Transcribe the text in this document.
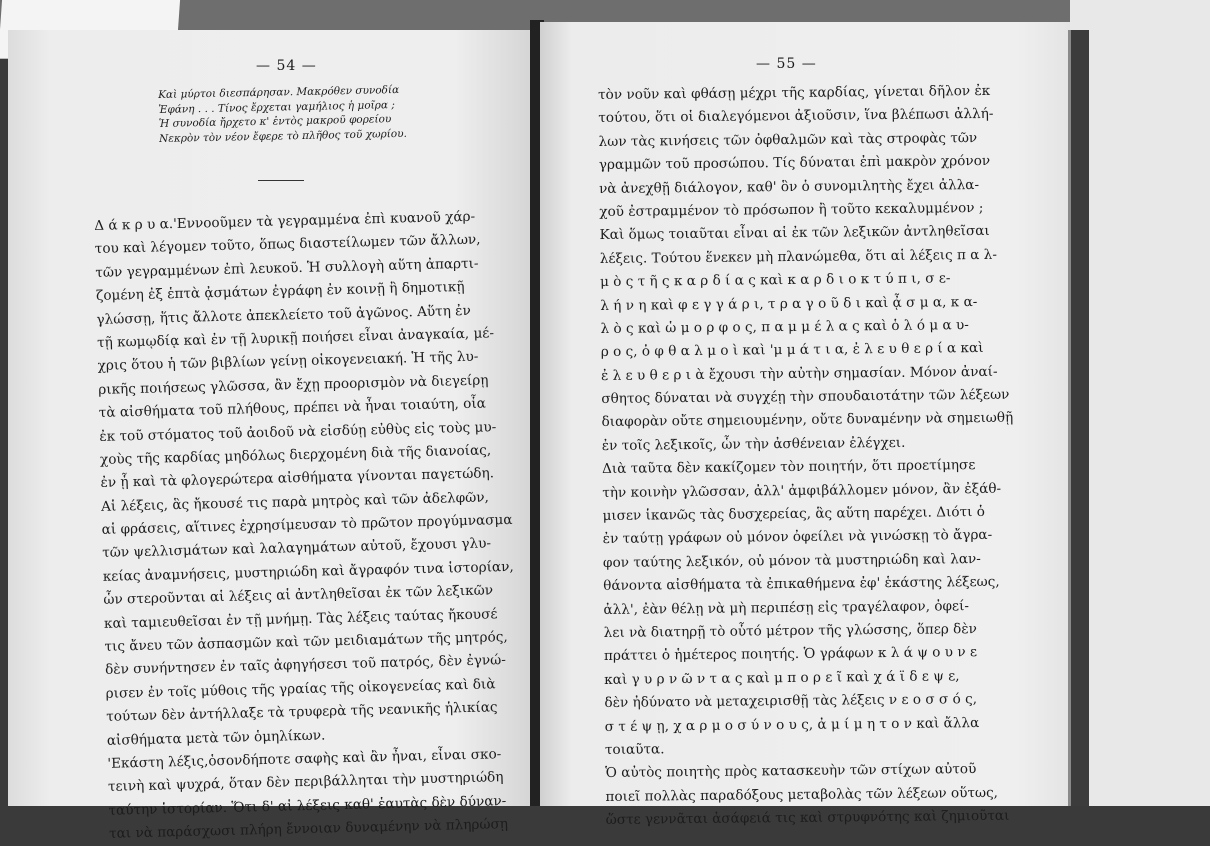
— 54 —
Καὶ μύρτοι διεσπάρησαν. Μακρόθεν συνοδία
Ἐφάνη . . . Τίνος ἔρχεται γαμήλιος ἡ μοῖρα ;
Ἡ συνοδία ἤρχετο κ' ἐντὸς μακροῦ φορείου
Νεκρὸν τὸν νέον ἔφερε τὸ πλῆθος τοῦ χωρίου.
Δ ά κ ρ υ α.'Εννοοῦμεν τὰ γεγραμμένα ἐπὶ κυανοῦ χάρ-
του καὶ λέγομεν τοῦτο, ὅπως διαστείλωμεν τῶν ἄλλων,
τῶν γεγραμμένων ἐπὶ λευκοῦ. Ἡ συλλογὴ αὕτη ἀπαρτι-
ζομένη ἐξ ἑπτὰ ᾀσμάτων ἐγράφη ἐν κοινῇ ἢ δημοτικῇ
γλώσσῃ, ἥτις ἄλλοτε ἀπεκλείετο τοῦ ἀγῶνος. Αὕτη ἐν
τῇ κωμῳδίᾳ καὶ ἐν τῇ λυρικῇ ποιήσει εἶναι ἀναγκαία, μέ-
χρις ὅτου ἡ τῶν βιβλίων γείνῃ οἰκογενειακή. Ἡ τῆς λυ-
ρικῆς ποιήσεως γλῶσσα, ἂν ἔχῃ προορισμὸν νὰ διεγείρῃ
τὰ αἰσθήματα τοῦ πλήθους, πρέπει νὰ ἦναι τοιαύτη, οἷα
ἐκ τοῦ στόματος τοῦ ἀοιδοῦ νὰ εἰσδύῃ εὐθὺς εἰς τοὺς μυ-
χοὺς τῆς καρδίας μηδόλως διερχομένη διὰ τῆς διανοίας,
ἐν ᾗ καὶ τὰ φλογερώτερα αἰσθήματα γίνονται παγετώδη.
Αἱ λέξεις, ἃς ἤκουσέ τις παρὰ μητρὸς καὶ τῶν ἀδελφῶν,
αἱ φράσεις, αἵτινες ἐχρησίμευσαν τὸ πρῶτον προγύμνασμα
τῶν ψελλισμάτων καὶ λαλαγημάτων αὐτοῦ, ἔχουσι γλυ-
κείας ἀναμνήσεις, μυστηριώδη καὶ ἄγραφόν τινα ἱστορίαν,
ὧν στεροῦνται αἱ λέξεις αἱ ἀντληθεῖσαι ἐκ τῶν λεξικῶν
καὶ ταμιευθεῖσαι ἐν τῇ μνήμῃ. Τὰς λέξεις ταύτας ἤκουσέ
τις ἄνευ τῶν ἀσπασμῶν καὶ τῶν μειδιαμάτων τῆς μητρός,
δὲν συνήντησεν ἐν ταῖς ἀφηγήσεσι τοῦ πατρός, δὲν ἐγνώ-
ρισεν ἐν τοῖς μύθοις τῆς γραίας τῆς οἰκογενείας καὶ διὰ
τούτων δὲν ἀντήλλαξε τὰ τρυφερὰ τῆς νεανικῆς ἡλικίας
αἰσθήματα μετὰ τῶν ὁμηλίκων.
'Εκάστη λέξις,ὁσονδήποτε σαφὴς καὶ ἂν ἦναι, εἶναι σκο-
τεινὴ καὶ ψυχρά, ὅταν δὲν περιβάλληται τὴν μυστηριώδη
ταύτην ἱστορίαν. Ὅτι δ' αἱ λέξεις καθ' ἑαυτὰς δὲν δύναν-
ται νὰ παράσχωσι πλήρη ἔννοιαν δυναμένην νὰ πληρώσῃ
— 55 —
τὸν νοῦν καὶ φθάσῃ μέχρι τῆς καρδίας, γίνεται δῆλον ἐκ
τούτου, ὅτι οἱ διαλεγόμενοι ἀξιοῦσιν, ἵνα βλέπωσι ἀλλή-
λων τὰς κινήσεις τῶν ὀφθαλμῶν καὶ τὰς στροφὰς τῶν
γραμμῶν τοῦ προσώπου. Τίς δύναται ἐπὶ μακρὸν χρόνον
νὰ ἀνεχθῇ διάλογον, καθ' ὃν ὁ συνομιλητὴς ἔχει ἀλλα-
χοῦ ἐστραμμένον τὸ πρόσωπον ἢ τοῦτο κεκαλυμμένον ;
Καὶ ὅμως τοιαῦται εἶναι αἱ ἐκ τῶν λεξικῶν ἀντληθεῖσαι
λέξεις. Τούτου ἕνεκεν μὴ πλανώμεθα, ὅτι αἱ λέξεις π α λ-
μ ὸ ς τ ῆ ς κ α ρ δ ί α ς καὶ κ α ρ δ ι ο κ τ ύ π ι, σ ε-
λ ή ν η καὶ φ ε γ γ ά ρ ι, τ ρ α γ ο ῦ δ ι καὶ ᾆ σ μ α, κ α-
λ ὸ ς καὶ ὡ μ ο ρ φ ο ς, π α μ μ έ λ α ς καὶ ὁ λ ό μ α υ-
ρ ο ς, ὀ φ θ α λ μ ο ὶ καὶ 'μ μ ά τ ι α, ἐ λ ε υ θ ε ρ ί α καὶ
ἐ λ ε υ θ ε ρ ι ὰ ἔχουσι τὴν αὐτὴν σημασίαν. Μόνον ἀναί-
σθητος δύναται νὰ συγχέῃ τὴν σπουδαιοτάτην τῶν λέξεων
διαφορὰν οὔτε σημειουμένην, οὔτε δυναμένην νὰ σημειωθῇ
ἐν τοῖς λεξικοῖς, ὧν τὴν ἀσθένειαν ἐλέγχει.
Διὰ ταῦτα δὲν κακίζομεν τὸν ποιητήν, ὅτι προετίμησε
τὴν κοινὴν γλῶσσαν, ἀλλ' ἀμφιβάλλομεν μόνον, ἂν ἐξάθ-
μισεν ἱκανῶς τὰς δυσχερείας, ἃς αὕτη παρέχει. Διότι ὁ
ἐν ταύτῃ γράφων οὐ μόνον ὀφείλει νὰ γινώσκῃ τὸ ἄγρα-
φον ταύτης λεξικόν, οὐ μόνον τὰ μυστηριώδη καὶ λαν-
θάνοντα αἰσθήματα τὰ ἐπικαθήμενα ἐφ' ἑκάστης λέξεως,
ἀλλ', ἐὰν θέλῃ νὰ μὴ περιπέσῃ εἰς τραγέλαφον, ὀφεί-
λει νὰ διατηρῇ τὸ οὗτό μέτρον τῆς γλώσσης, ὅπερ δὲν
πράττει ὁ ἡμέτερος ποιητής. Ὁ γράφων κ λ ά ψ ο υ ν ε
καὶ γ υ ρ ν ῶ ν τ α ς καὶ μ π ο ρ ε ῖ καὶ χ ά ϊ δ ε ψ ε,
δὲν ἠδύνατο νὰ μεταχειρισθῇ τὰς λέξεις ν ε ο σ σ ό ς,
σ τ έ ψ ῃ, χ α ρ μ ο σ ύ ν ο υ ς, ἀ μ ί μ η τ ο ν καὶ ἄλλα
τοιαῦτα.
Ὁ αὐτὸς ποιητὴς πρὸς κατασκευὴν τῶν στίχων αὐτοῦ
ποιεῖ πολλὰς παραδόξους μεταβολὰς τῶν λέξεων οὕτως,
ὥστε γεννᾶται ἀσάφειά τις καὶ στρυφνότης καὶ ζημιοῦται
